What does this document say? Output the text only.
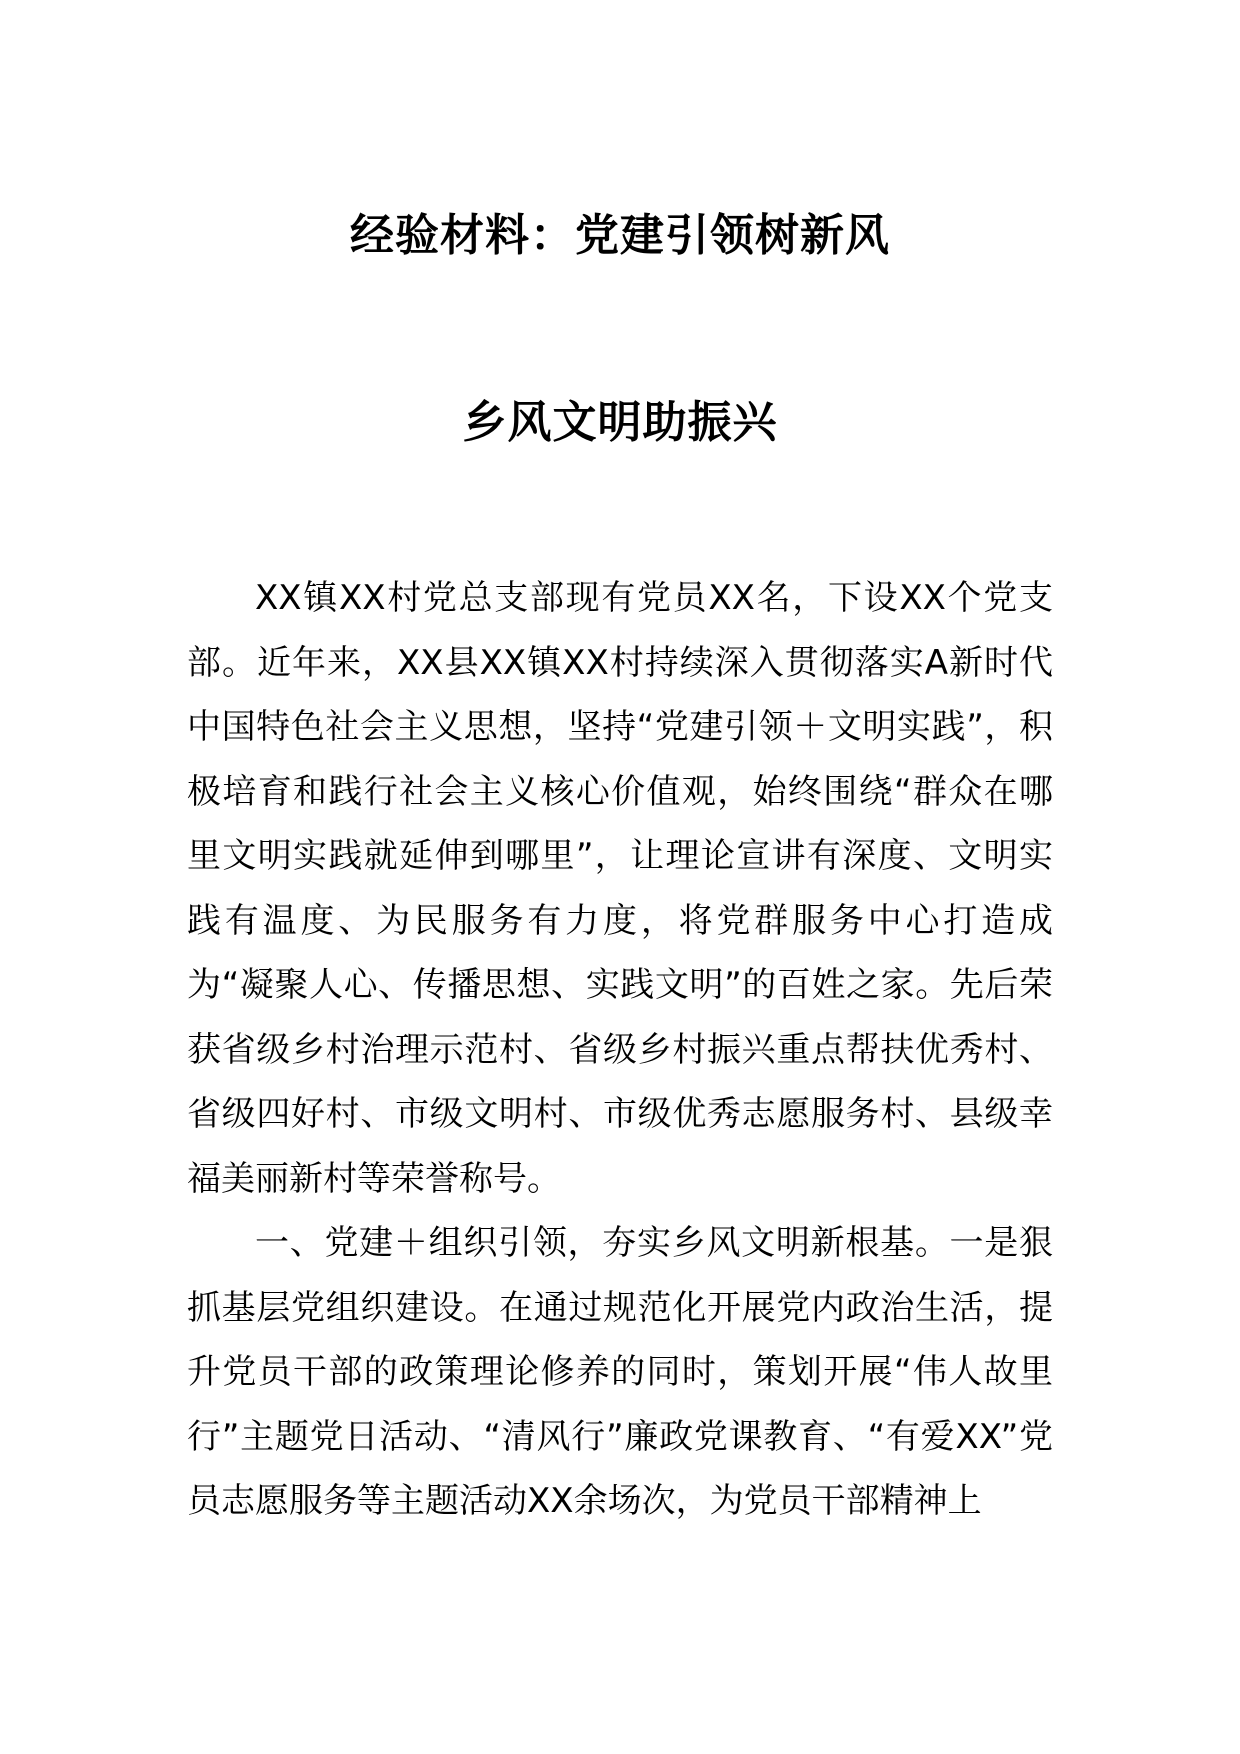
经验材料：党建引领树新风
乡风文明助振兴

XX镇XX村党总支部现有党员XX名，下设XX个党支部。近年来，XX县XX镇XX村持续深入贯彻落实A新时代中国特色社会主义思想，坚持“党建引领＋文明实践”，积极培育和践行社会主义核心价值观，始终围绕“群众在哪里文明实践就延伸到哪里”，让理论宣讲有深度、文明实践有温度、为民服务有力度，将党群服务中心打造成为“凝聚人心、传播思想、实践文明”的百姓之家。先后荣获省级乡村治理示范村、省级乡村振兴重点帮扶优秀村、省级四好村、市级文明村、市级优秀志愿服务村、县级幸福美丽新村等荣誉称号。

一、党建＋组织引领，夯实乡风文明新根基。一是狠抓基层党组织建设。在通过规范化开展党内政治生活，提升党员干部的政策理论修养的同时，策划开展“伟人故里行”主题党日活动、“清风行”廉政党课教育、“有爱XX”党员志愿服务等主题活动XX余场次，为党员干部精神上
